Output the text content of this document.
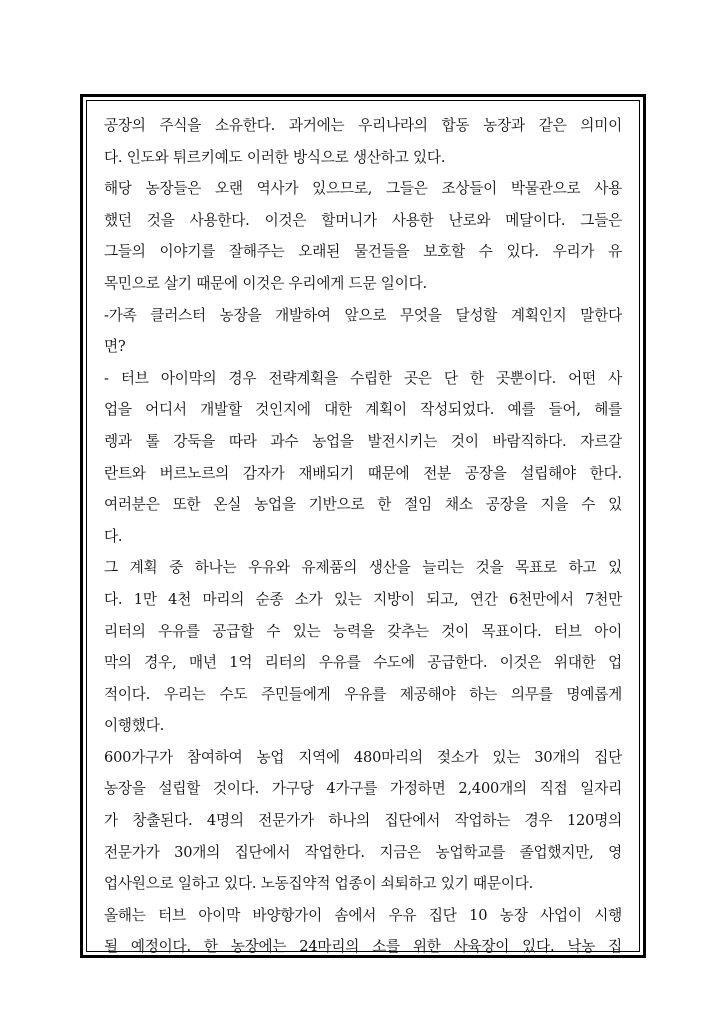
공장의 주식을 소유한다. 과거에는 우리나라의 합동 농장과 같은 의미이
다. 인도와 튀르키예도 이러한 방식으로 생산하고 있다.
해당 농장들은 오랜 역사가 있으므로, 그들은 조상들이 박물관으로 사용
했던 것을 사용한다. 이것은 할머니가 사용한 난로와 메달이다. 그들은
그들의 이야기를 잘해주는 오래된 물건들을 보호할 수 있다. 우리가 유
목민으로 살기 때문에 이것은 우리에게 드문 일이다.
-가족 클러스터 농장을 개발하여 앞으로 무엇을 달성할 계획인지 말한다
면?
- 터브 아이막의 경우 전략계획을 수립한 곳은 단 한 곳뿐이다. 어떤 사
업을 어디서 개발할 것인지에 대한 계획이 작성되었다. 예를 들어, 헤를
렝과 톨 강둑을 따라 과수 농업을 발전시키는 것이 바람직하다. 자르갈
란트와 버르노르의 감자가 재배되기 때문에 전분 공장을 설립해야 한다.
여러분은 또한 온실 농업을 기반으로 한 절임 채소 공장을 지을 수 있
다.
그 계획 중 하나는 우유와 유제품의 생산을 늘리는 것을 목표로 하고 있
다. 1만 4천 마리의 순종 소가 있는 지방이 되고, 연간 6천만에서 7천만
리터의 우유를 공급할 수 있는 능력을 갖추는 것이 목표이다. 터브 아이
막의 경우, 매년 1억 리터의 우유를 수도에 공급한다. 이것은 위대한 업
적이다. 우리는 수도 주민들에게 우유를 제공해야 하는 의무를 명예롭게
이행했다.
600가구가 참여하여 농업 지역에 480마리의 젖소가 있는 30개의 집단
농장을 설립할 것이다. 가구당 4가구를 가정하면 2,400개의 직접 일자리
가 창출된다. 4명의 전문가가 하나의 집단에서 작업하는 경우 120명의
전문가가 30개의 집단에서 작업한다. 지금은 농업학교를 졸업했지만, 영
업사원으로 일하고 있다. 노동집약적 업종이 쇠퇴하고 있기 때문이다.
올해는 터브 아이막 바양항가이 솜에서 우유 집단 10 농장 사업이 시행
될 예정이다. 한 농장에는 24마리의 소를 위한 사육장이 있다. 낙농 집
